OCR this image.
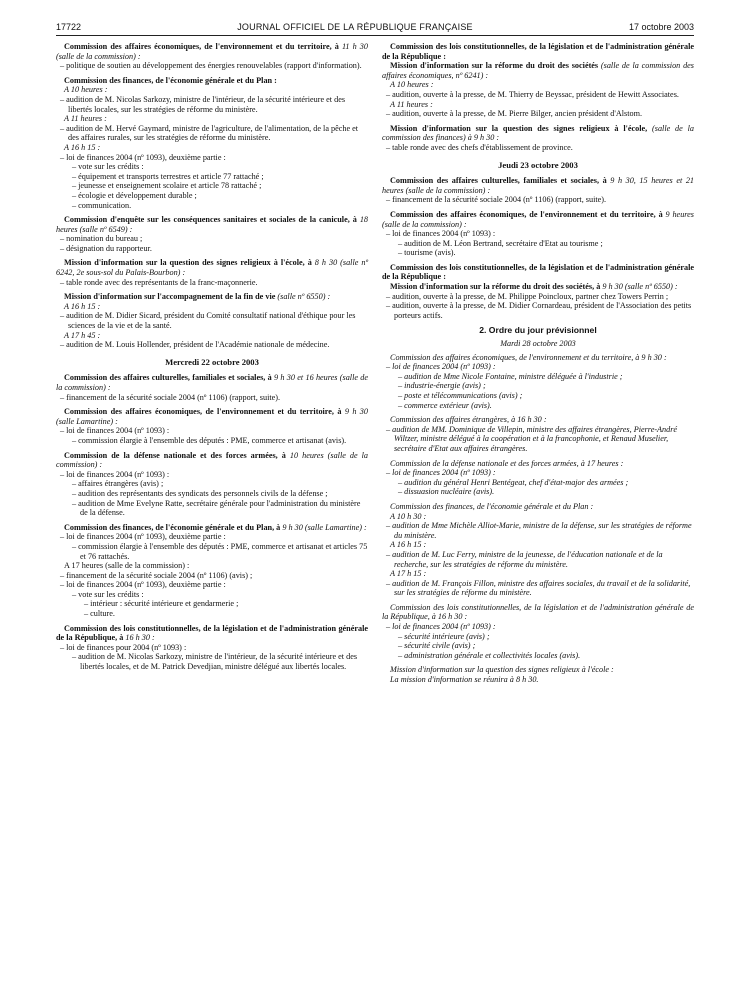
17722	JOURNAL OFFICIEL DE LA RÉPUBLIQUE FRANÇAISE	17 octobre 2003
Commission des affaires économiques, de l'environnement et du territoire, à 11 h 30 (salle de la commission) :
– politique de soutien au développement des énergies renouvelables (rapport d'information).
Commission des finances, de l'économie générale et du Plan :
A 10 heures :
– audition de M. Nicolas Sarkozy, ministre de l'intérieur, de la sécurité intérieure et des libertés locales, sur les stratégies de réforme du ministère.
A 11 heures :
– audition de M. Hervé Gaymard, ministre de l'agriculture, de l'alimentation, de la pêche et des affaires rurales, sur les stratégies de réforme du ministère.
A 16 h 15 :
– loi de finances 2004 (nº 1093), deuxième partie :
– vote sur les crédits :
– équipement et transports terrestres et article 77 rattaché ;
– jeunesse et enseignement scolaire et article 78 rattaché ;
– écologie et développement durable ;
– communication.
Commission d'enquête sur les conséquences sanitaires et sociales de la canicule, à 18 heures (salle nº 6549) :
– nomination du bureau ;
– désignation du rapporteur.
Mission d'information sur la question des signes religieux à l'école, à 8 h 30 (salle nº 6242, 2e sous-sol du Palais-Bourbon) :
– table ronde avec des représentants de la franc-maçonnerie.
Mission d'information sur l'accompagnement de la fin de vie (salle nº 6550) :
A 16 h 15 :
– audition de M. Didier Sicard, président du Comité consultatif national d'éthique pour les sciences de la vie et de la santé.
A 17 h 45 :
– audition de M. Louis Hollender, président de l'Académie nationale de médecine.
Mercredi 22 octobre 2003
Commission des affaires culturelles, familiales et sociales, à 9 h 30 et 16 heures (salle de la commission) :
– financement de la sécurité sociale 2004 (nº 1106) (rapport, suite).
Commission des affaires économiques, de l'environnement et du territoire, à 9 h 30 (salle Lamartine) :
– loi de finances 2004 (nº 1093) :
– commission élargie à l'ensemble des députés : PME, commerce et artisanat (avis).
Commission de la défense nationale et des forces armées, à 10 heures (salle de la commission) :
– loi de finances 2004 (nº 1093) :
– affaires étrangères (avis) ;
– audition des représentants des syndicats des personnels civils de la défense ;
– audition de Mme Evelyne Ratte, secrétaire générale pour l'administration du ministère de la défense.
Commission des finances, de l'économie générale et du Plan, à 9 h 30 (salle Lamartine) :
– loi de finances 2004 (nº 1093), deuxième partie :
– commission élargie à l'ensemble des députés : PME, commerce et artisanat et articles 75 et 76 rattachés.
A 17 heures (salle de la commission) :
– financement de la sécurité sociale 2004 (nº 1106) (avis) ;
– loi de finances 2004 (nº 1093), deuxième partie :
– vote sur les crédits :
– intérieur : sécurité intérieure et gendarmerie ;
– culture.
Commission des lois constitutionnelles, de la législation et de l'administration générale de la République, à 16 h 30 :
– loi de finances pour 2004 (nº 1093) :
– audition de M. Nicolas Sarkozy, ministre de l'intérieur, de la sécurité intérieure et des libertés locales, et de M. Patrick Devedjian, ministre délégué aux libertés locales.
Commission des lois constitutionnelles, de la législation et de l'administration générale de la République :
Mission d'information sur la réforme du droit des sociétés (salle de la commission des affaires économiques, nº 6241) :
A 10 heures :
– audition, ouverte à la presse, de M. Thierry de Beyssac, président de Hewitt Associates.
A 11 heures :
– audition, ouverte à la presse, de M. Pierre Bilger, ancien président d'Alstom.
Mission d'information sur la question des signes religieux à l'école, (salle de la commission des finances) à 9 h 30 :
– table ronde avec des chefs d'établissement de province.
Jeudi 23 octobre 2003
Commission des affaires culturelles, familiales et sociales, à 9 h 30, 15 heures et 21 heures (salle de la commission) :
– financement de la sécurité sociale 2004 (nº 1106) (rapport, suite).
Commission des affaires économiques, de l'environnement et du territoire, à 9 heures (salle de la commission) :
– loi de finances 2004 (nº 1093) :
– audition de M. Léon Bertrand, secrétaire d'Etat au tourisme ;
– tourisme (avis).
Commission des lois constitutionnelles, de la législation et de l'administration générale de la République :
Mission d'information sur la réforme du droit des sociétés, à 9 h 30 (salle nº 6550) :
– audition, ouverte à la presse, de M. Philippe Poincloux, partner chez Towers Perrin ;
– audition, ouverte à la presse, de M. Didier Cornardeau, président de l'Association des petits porteurs actifs.
2. Ordre du jour prévisionnel
Mardi 28 octobre 2003
Commission des affaires économiques, de l'environnement et du territoire, à 9 h 30 :
– loi de finances 2004 (nº 1093) :
– audition de Mme Nicole Fontaine, ministre déléguée à l'industrie ;
– industrie-énergie (avis) ;
– poste et télécommunications (avis) ;
– commerce extérieur (avis).
Commission des affaires étrangères, à 16 h 30 :
– audition de MM. Dominique de Villepin, ministre des affaires étrangères, Pierre-André Wiltzer, ministre délégué à la coopération et à la francophonie, et Renaud Muselier, secrétaire d'Etat aux affaires étrangères.
Commission de la défense nationale et des forces armées, à 17 heures :
– loi de finances 2004 (nº 1093) :
– audition du général Henri Bentégeat, chef d'état-major des armées ;
– dissuasion nucléaire (avis).
Commission des finances, de l'économie générale et du Plan :
A 10 h 30 :
– audition de Mme Michèle Alliot-Marie, ministre de la défense, sur les stratégies de réforme du ministère.
A 16 h 15 :
– audition de M. Luc Ferry, ministre de la jeunesse, de l'éducation nationale et de la recherche, sur les stratégies de réforme du ministère.
A 17 h 15 :
– audition de M. François Fillon, ministre des affaires sociales, du travail et de la solidarité, sur les stratégies de réforme du ministère.
Commission des lois constitutionnelles, de la législation et de l'administration générale de la République, à 16 h 30 :
– loi de finances 2004 (nº 1093) :
– sécurité intérieure (avis) ;
– sécurité civile (avis) ;
– administration générale et collectivités locales (avis).
Mission d'information sur la question des signes religieux à l'école :
La mission d'information se réunira à 8 h 30.
